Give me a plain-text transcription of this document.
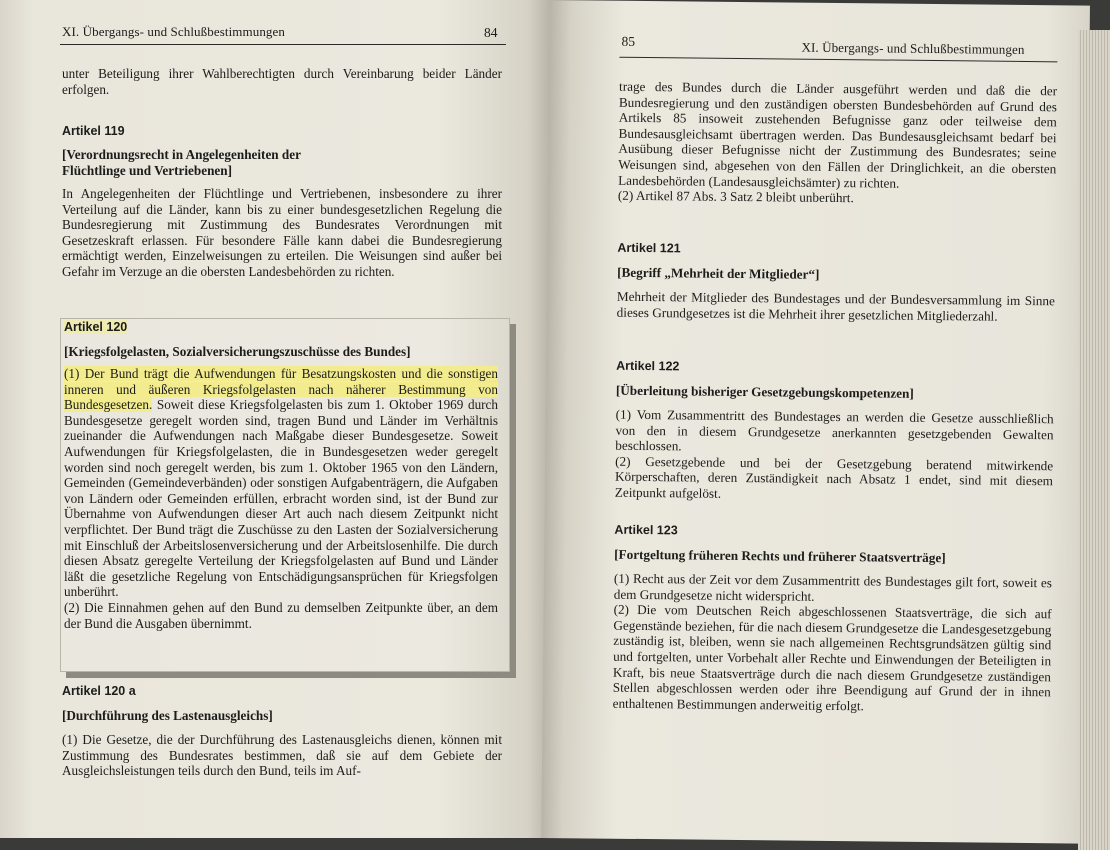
XI. Übergangs- und Schlußbestimmungen	84
unter Beteiligung ihrer Wahlberechtigten durch Vereinbarung beider Länder erfolgen.
Artikel 119
[Verordnungsrecht in Angelegenheiten der Flüchtlinge und Vertriebenen]
In Angelegenheiten der Flüchtlinge und Vertriebenen, insbesondere zu ihrer Verteilung auf die Länder, kann bis zu einer bundesgesetzlichen Regelung die Bundesregierung mit Zustimmung des Bundesrates Verordnungen mit Gesetzeskraft erlassen. Für besondere Fälle kann dabei die Bundesregierung ermächtigt werden, Einzelweisungen zu erteilen. Die Weisungen sind außer bei Gefahr im Verzuge an die obersten Landesbehörden zu richten.
Artikel 120
[Kriegsfolgelasten, Sozialversicherungszuschüsse des Bundes]

(1) Der Bund trägt die Aufwendungen für Besatzungskosten und die sonstigen inneren und äußeren Kriegsfolgelasten nach näherer Bestimmung von Bundesgesetzen. Soweit diese Kriegsfolgelasten bis zum 1. Oktober 1969 durch Bundesgesetze geregelt worden sind, tragen Bund und Länder im Verhältnis zueinander die Aufwendungen nach Maßgabe dieser Bundesgesetze. Soweit Aufwendungen für Kriegsfolgelasten, die in Bundesgesetzen weder geregelt worden sind noch geregelt werden, bis zum 1. Oktober 1965 von den Ländern, Gemeinden (Gemeindeverbänden) oder sonstigen Aufgabenträgern, die Aufgaben von Ländern oder Gemeinden erfüllen, erbracht worden sind, ist der Bund zur Übernahme von Aufwendungen dieser Art auch nach diesem Zeitpunkt nicht verpflichtet. Der Bund trägt die Zuschüsse zu den Lasten der Sozialversicherung mit Einschluß der Arbeitslosenversicherung und der Arbeitslosenhilfe. Die durch diesen Absatz geregelte Verteilung der Kriegsfolgelasten auf Bund und Länder läßt die gesetzliche Regelung von Entschädigungsansprüchen für Kriegsfolgen unberührt.

(2) Die Einnahmen gehen auf den Bund zu demselben Zeitpunkte über, an dem der Bund die Ausgaben übernimmt.

Artikel 120 a
[Durchführung des Lastenausgleichs]
(1) Die Gesetze, die der Durchführung des Lastenausgleichs dienen, können mit Zustimmung des Bundesrates bestimmen, daß sie auf dem Gebiete der Ausgleichsleistungen teils durch den Bund, teils im Auf-
85	XI. Übergangs- und Schlußbestimmungen

trage des Bundes durch die Länder ausgeführt werden und daß die der Bundesregierung und den zuständigen obersten Bundesbehörden auf Grund des Artikels 85 insoweit zustehenden Befugnisse ganz oder teilweise dem Bundesausgleichsamt übertragen werden. Das Bundesausgleichsamt bedarf bei Ausübung dieser Befugnisse nicht der Zustimmung des Bundesrates; seine Weisungen sind, abgesehen von den Fällen der Dringlichkeit, an die obersten Landesbehörden (Landesausgleichsämter) zu richten.

(2) Artikel 87 Abs. 3 Satz 2 bleibt unberührt.

Artikel 121
[Begriff „Mehrheit der Mitglieder“]
Mehrheit der Mitglieder des Bundestages und der Bundesversammlung im Sinne dieses Grundgesetzes ist die Mehrheit ihrer gesetzlichen Mitgliederzahl.
Artikel 122
[Überleitung bisheriger Gesetzgebungskompetenzen]

(1) Vom Zusammentritt des Bundestages an werden die Gesetze ausschließlich von den in diesem Grundgesetze anerkannten gesetzgebenden Gewalten beschlossen.

(2) Gesetzgebende und bei der Gesetzgebung beratend mitwirkende Körperschaften, deren Zuständigkeit nach Absatz 1 endet, sind mit diesem Zeitpunkt aufgelöst.

Artikel 123
[Fortgeltung früheren Rechts und früherer Staatsverträge]

(1) Recht aus der Zeit vor dem Zusammentritt des Bundestages gilt fort, soweit es dem Grundgesetze nicht widerspricht.

(2) Die vom Deutschen Reich abgeschlossenen Staatsverträge, die sich auf Gegenstände beziehen, für die nach diesem Grundgesetze die Landesgesetzgebung zuständig ist, bleiben, wenn sie nach allgemeinen Rechtsgrundsätzen gültig sind und fortgelten, unter Vorbehalt aller Rechte und Einwendungen der Beteiligten in Kraft, bis neue Staatsverträge durch die nach diesem Grundgesetze zuständigen Stellen abgeschlossen werden oder ihre Beendigung auf Grund der in ihnen enthaltenen Bestimmungen anderweitig erfolgt.
